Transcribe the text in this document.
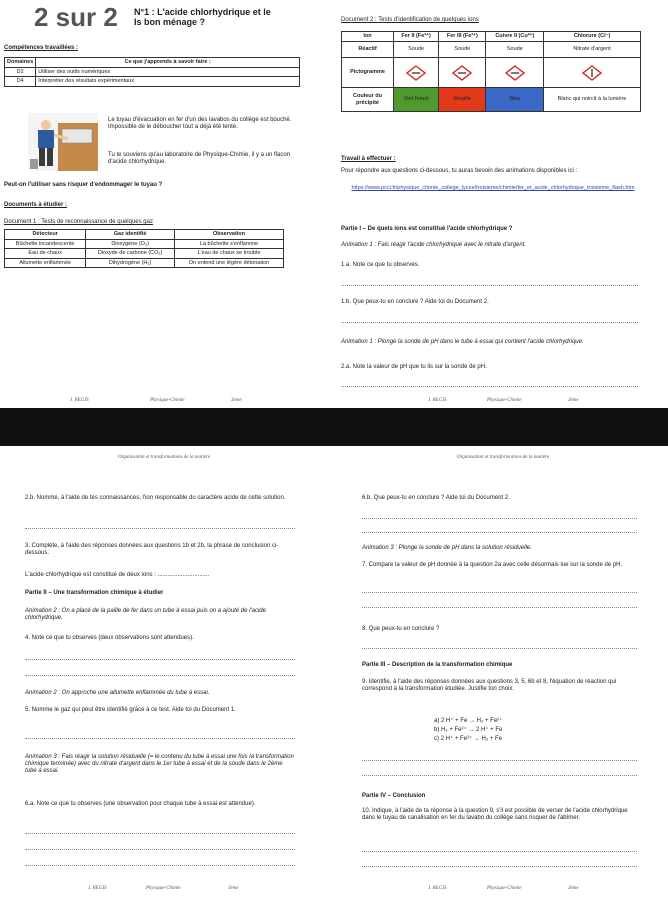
2 sur 2 N°1 : L'acide chlorhydrique et le
Is bon ménage ?
Compétences travaillées :
Domaines	Ce que j'apprends à savoir faire :
D2	Utiliser des outils numériques
D4	Interpréter des résultats expérimentaux
Le tuyau d'évacuation en fer d'un des lavabos du collège est bouché. Impossible de le déboucher tout a déjà été tenté.
Tu te souviens qu'au laboratoire de Physique-Chimie, il y a un flacon d'acide chlorhydrique.
Peut-on l'utiliser sans risquer d'endommager le tuyau ?
Documents à étudier :
Document 1 : Tests de reconnaissance de quelques gaz
Détecteur	Gaz identifié	Observation
Bûchette incandescente	Dioxygène (O₂)	La bûchette s'enflamme
Eau de chaux	Dioxyde de carbone (CO₂)	L'eau de chaux se trouble
Allumette enflammée	Dihydrogène (H₂)	On entend une légère détonation
J. REGIS	Physique-Chimie	3ème
Document 2 : Tests d'identification de quelques ions
Ion	Fer II (Fe²⁺)	Fer III (Fe³⁺)	Cuivre II (Cu²⁺)	Chlorure (Cl⁻)
Réactif	Soude	Soude	Soude	Nitrate d'argent
Pictogramme	

Couleur du précipité	Vert foncé	Rouille	Bleu	Blanc qui noircit à la lumière
Travail à effectuer :
Pour répondre aux questions ci-dessous, tu auras besoin des animations disponibles ici :
https://www.pccl.fr/physique_chimie_college_lycee/troisieme/chimie/fer_et_acide_chlorhydrique_troisieme_flash.htm
Partie I – De quels ions est constitué l'acide chlorhydrique ?
Animation 1 : Fais réagir l'acide chlorhydrique avec le nitrate d'argent.
1.a. Note ce que tu observes.
1.b. Que peux-tu en conclure ? Aide toi du Document 2.
Animation 1 : Plonge la sonde de pH dans le tube à essai qui contient l'acide chlorhydrique.
2.a. Note la valeur de pH que tu lis sur la sonde de pH.
J. REGIS	Physique-Chimie	3ème
Organisation et transformations de la matière
2.b. Nomme, à l'aide de tes connaissances, l'ion responsable du caractère acide de cette solution.
3. Complète, à l'aide des réponses données aux questions 1b et 2b, la phrase de conclusion ci-dessous.
L'acide chlorhydrique est constitué de deux ions : ...............................
Partie II – Une transformation chimique à étudier
Animation 2 : On a placé de la paille de fer dans un tube à essai puis on a ajouté de l'acide chlorhydrique.
4. Note ce que tu observes (deux observations sont attendues).
Animation 2 : On approche une allumette enflammée du tube à essai.
5. Nomme le gaz qui peut être identifié grâce à ce test. Aide toi du Document 1.
Animation 3 : Fais réagir la solution résiduelle (= le contenu du tube à essai une fois la transformation chimique terminée) avec du nitrate d'argent dans le 1er tube à essai et de la soude dans le 2ème tube à essai.
6.a. Note ce que tu observes (une observation pour chaque tube à essai est attendue).
J. REGIS	Physique-Chimie	3ème
Organisation et transformations de la matière
6.b. Que peux-tu en conclure ? Aide toi du Document 2.
Animation 3 : Plonge la sonde de pH dans la solution résiduelle.
7. Compare la valeur de pH donnée à la question 2a avec celle désormais lue sur la sonde de pH.
8. Que peux-tu en conclure ?
Partie III – Description de la transformation chimique
9. Identifie, à l'aide des réponses données aux questions 3, 5, 6b et 8, l'équation de réaction qui correspond à la transformation étudiée. Justifie ton choix.
a) 2 H⁺ + Fe → H₂ + Fe²⁺
b) H₂ + Fe²⁺ → 2 H⁺ + Fe
c) 2 H⁺ + Fe²⁺ → H₂ + Fe
Partie IV – Conclusion
10. Indique, à l'aide de ta réponse à la question 9, s'il est possible de verser de l'acide chlorhydrique dans le tuyau de canalisation en fer du lavabo du collège sans risquer de l'abîmer.
J. REGIS	Physique-Chimie	3ème
